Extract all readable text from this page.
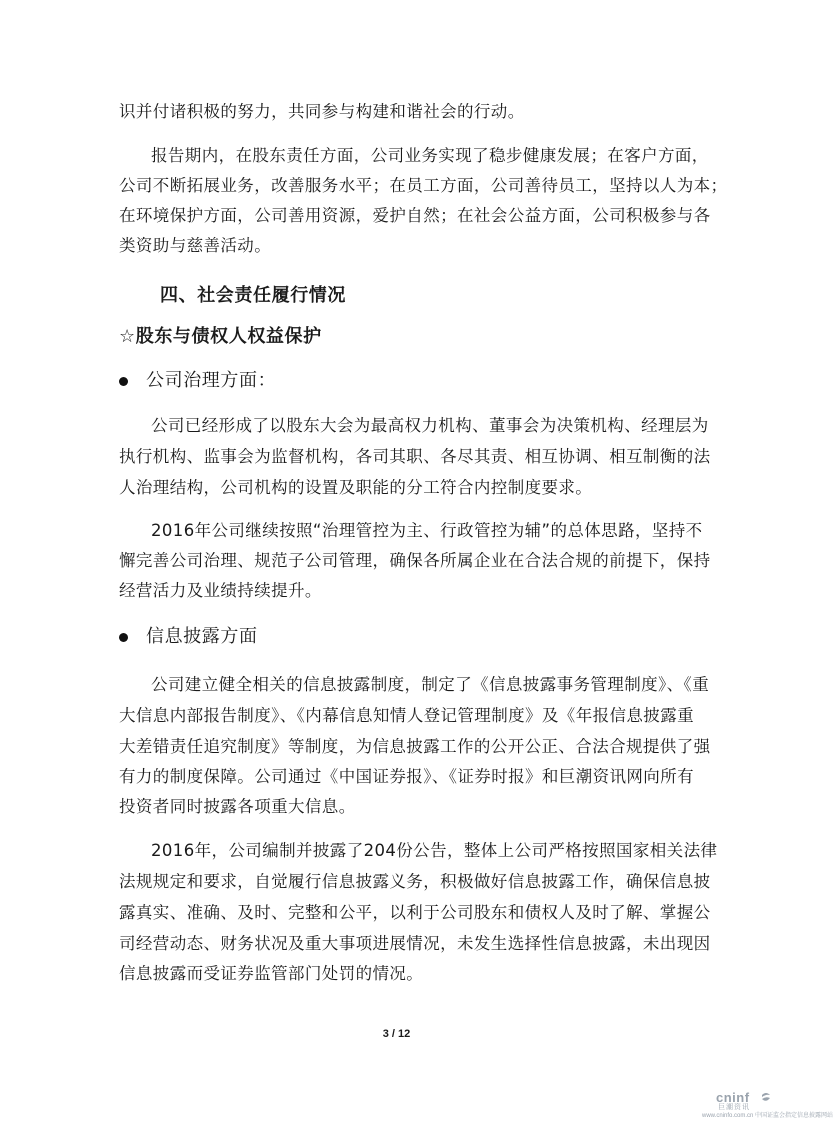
识并付诸积极的努力，共同参与构建和谐社会的行动。
报告期内，在股东责任方面，公司业务实现了稳步健康发展；在客户方面，
公司不断拓展业务，改善服务水平；在员工方面，公司善待员工，坚持以人为本；
在环境保护方面，公司善用资源，爱护自然；在社会公益方面，公司积极参与各
类资助与慈善活动。
四、社会责任履行情况
☆股东与债权人权益保护
公司治理方面：
公司已经形成了以股东大会为最高权力机构、董事会为决策机构、经理层为
执行机构、监事会为监督机构，各司其职、各尽其责、相互协调、相互制衡的法
人治理结构，公司机构的设置及职能的分工符合内控制度要求。
2016年公司继续按照“治理管控为主、行政管控为辅”的总体思路，坚持不
懈完善公司治理、规范子公司管理，确保各所属企业在合法合规的前提下，保持
经营活力及业绩持续提升。
信息披露方面
公司建立健全相关的信息披露制度，制定了《信息披露事务管理制度》、《重
大信息内部报告制度》、《内幕信息知情人登记管理制度》及《年报信息披露重
大差错责任追究制度》等制度，为信息披露工作的公开公正、合法合规提供了强
有力的制度保障。公司通过《中国证券报》、《证券时报》和巨潮资讯网向所有
投资者同时披露各项重大信息。
2016年，公司编制并披露了204份公告，整体上公司严格按照国家相关法律
法规规定和要求，自觉履行信息披露义务，积极做好信息披露工作，确保信息披
露真实、准确、及时、完整和公平，以利于公司股东和债权人及时了解、掌握公
司经营动态、财务状况及重大事项进展情况，未发生选择性信息披露，未出现因
信息披露而受证券监管部门处罚的情况。
3 / 12
cninf
巨潮资讯
www.cninfo.com.cn 中国证监会指定信息披露网站
